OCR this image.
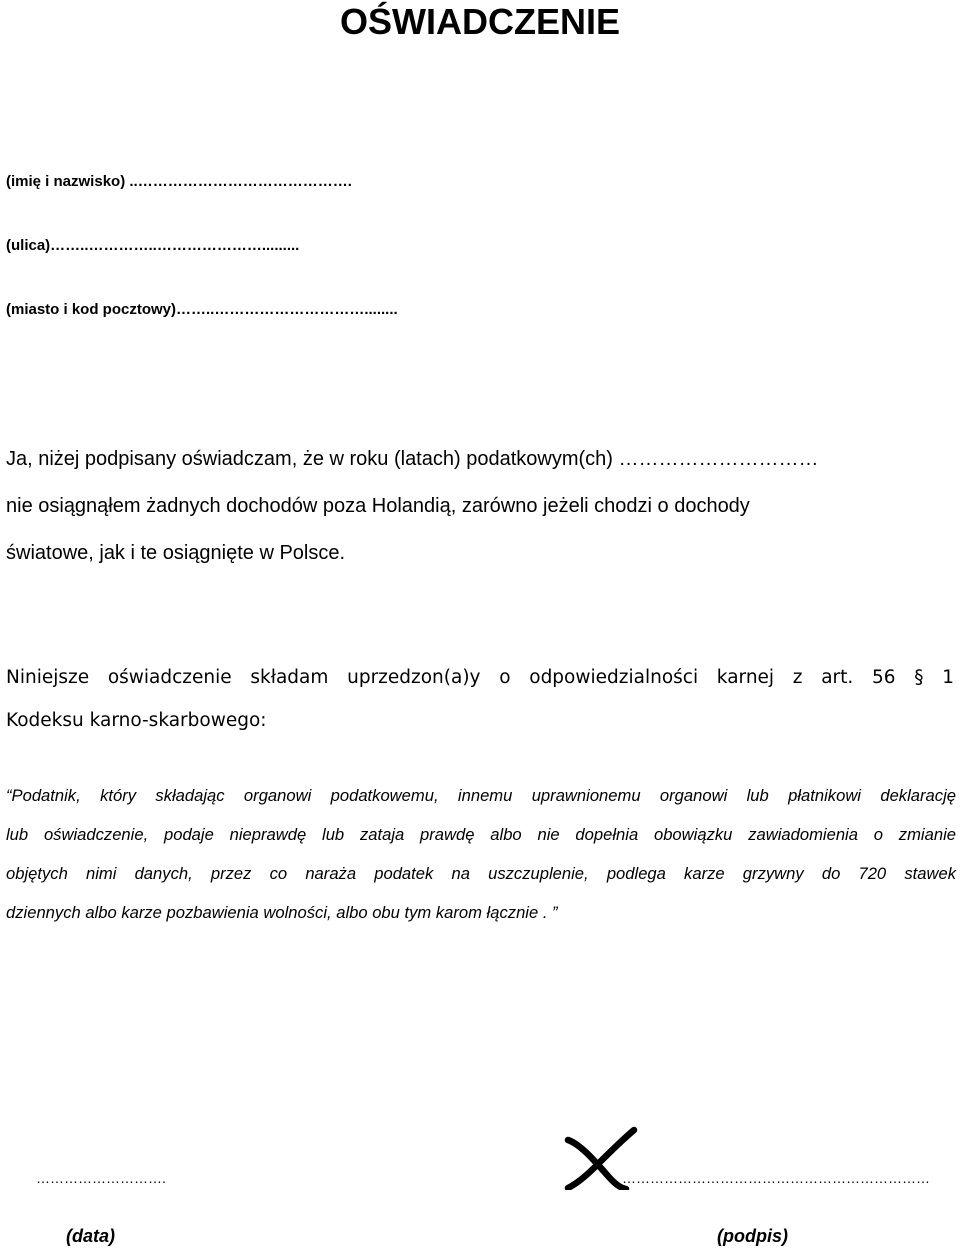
OŚWIADCZENIE
(imię i nazwisko) ..…………………………………….
(ulica)……..…………..………………….........
(miasto i kod pocztowy)……..…………………………........
Ja, niżej podpisany oświadczam, że w roku (latach) podatkowym(ch) …………………………
nie osiągnąłem żadnych dochodów poza Holandią, zarówno jeżeli chodzi o dochody
światowe, jak i te osiągnięte w Polsce.

Niniejsze oświadczenie składam uprzedzon(a)y o odpowiedzialności karnej z art. 56 § 1

Kodeksu karno-skarbowego:

“Podatnik, który składając organowi podatkowemu, innemu uprawnionemu organowi lub płatnikowi deklarację
lub oświadczenie, podaje nieprawdę lub zataja prawdę albo nie dopełnia obowiązku zawiadomienia o zmianie
objętych nimi danych, przez co naraża podatek na uszczuplenie, podlega karze grzywny do 720 stawek
dziennych albo karze pozbawienia wolności, albo obu tym karom łącznie . ”
……………………….	…………………………………………………………
(data)	(podpis)
